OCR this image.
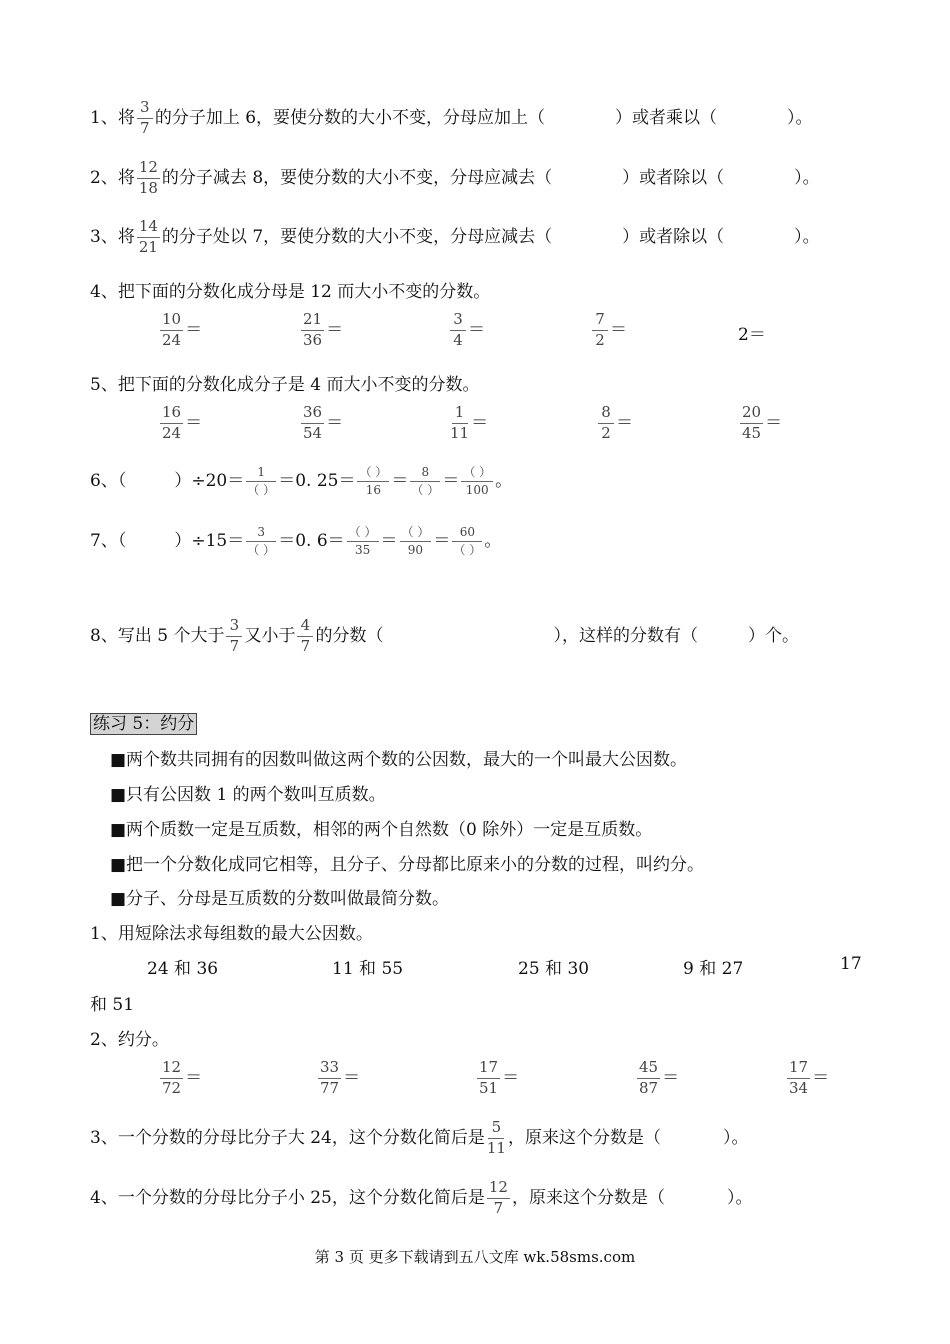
1、将 $\frac{3}{7}$ 的分子加上 6，要使分数的大小不变，分母应加上（	）或者乘以（	）。
2、将 $\frac{12}{18}$ 的分子减去 8，要使分数的大小不变，分母应减去（	）或者除以（	）。
3、将 $\frac{14}{21}$ 的分子处以 7，要使分数的大小不变，分母应减去（	）或者除以（	）。
4、把下面的分数化成分母是 12 而大小不变的分数。
$\frac{10}{24}$ ＝	$\frac{21}{36}$ ＝	$\frac{3}{4}$ ＝	$\frac{7}{2}$ ＝	2＝
5、把下面的分数化成分子是 4 而大小不变的分数。
$\frac{16}{24}$ ＝	$\frac{36}{54}$ ＝	$\frac{1}{11}$ ＝	$\frac{8}{2}$ ＝	$\frac{20}{45}$ ＝
6、（	）$\div 20= \frac{1}{( )} =0$. $25= \frac{( )}{16} = \frac{8}{( )} = \frac{( )}{100}$ 。
7、（	）$\div 15= \frac{3}{( )} =0$. $6= \frac{( )}{35} = \frac{( )}{90} = \frac{60}{( )}$ 。
8、写出 5 个大于 $\frac{3}{7}$ 又小于 $\frac{4}{7}$ 的分数（	），这样的分数有（	）个。
练习 5：约分
■两个数共同拥有的因数叫做这两个数的公因数，最大的一个叫最大公因数。
■只有公因数 1 的两个数叫互质数。
■两个质数一定是互质数，相邻的两个自然数（0 除外）一定是互质数。
■把一个分数化成同它相等，且分子、分母都比原来小的分数的过程，叫约分。
■分子、分母是互质数的分数叫做最简分数。
1、用短除法求每组数的最大公因数。
24 和 36	11 和 55	25 和 30	9 和 27	17
和 51
2、约分。
$\frac{12}{72}$ ＝	$\frac{33}{77}$ ＝	$\frac{17}{51}$ ＝	$\frac{45}{87}$ ＝	$\frac{17}{34}$ ＝
3、一个分数的分母比分子大 24，这个分数化简后是 $\frac{5}{11}$ ，原来这个分数是（	）。
4、一个分数的分母比分子小 25，这个分数化简后是 $\frac{12}{7}$ ，原来这个分数是（	）。
第 3 页 更多下载请到五八文库 wk.58sms.com
